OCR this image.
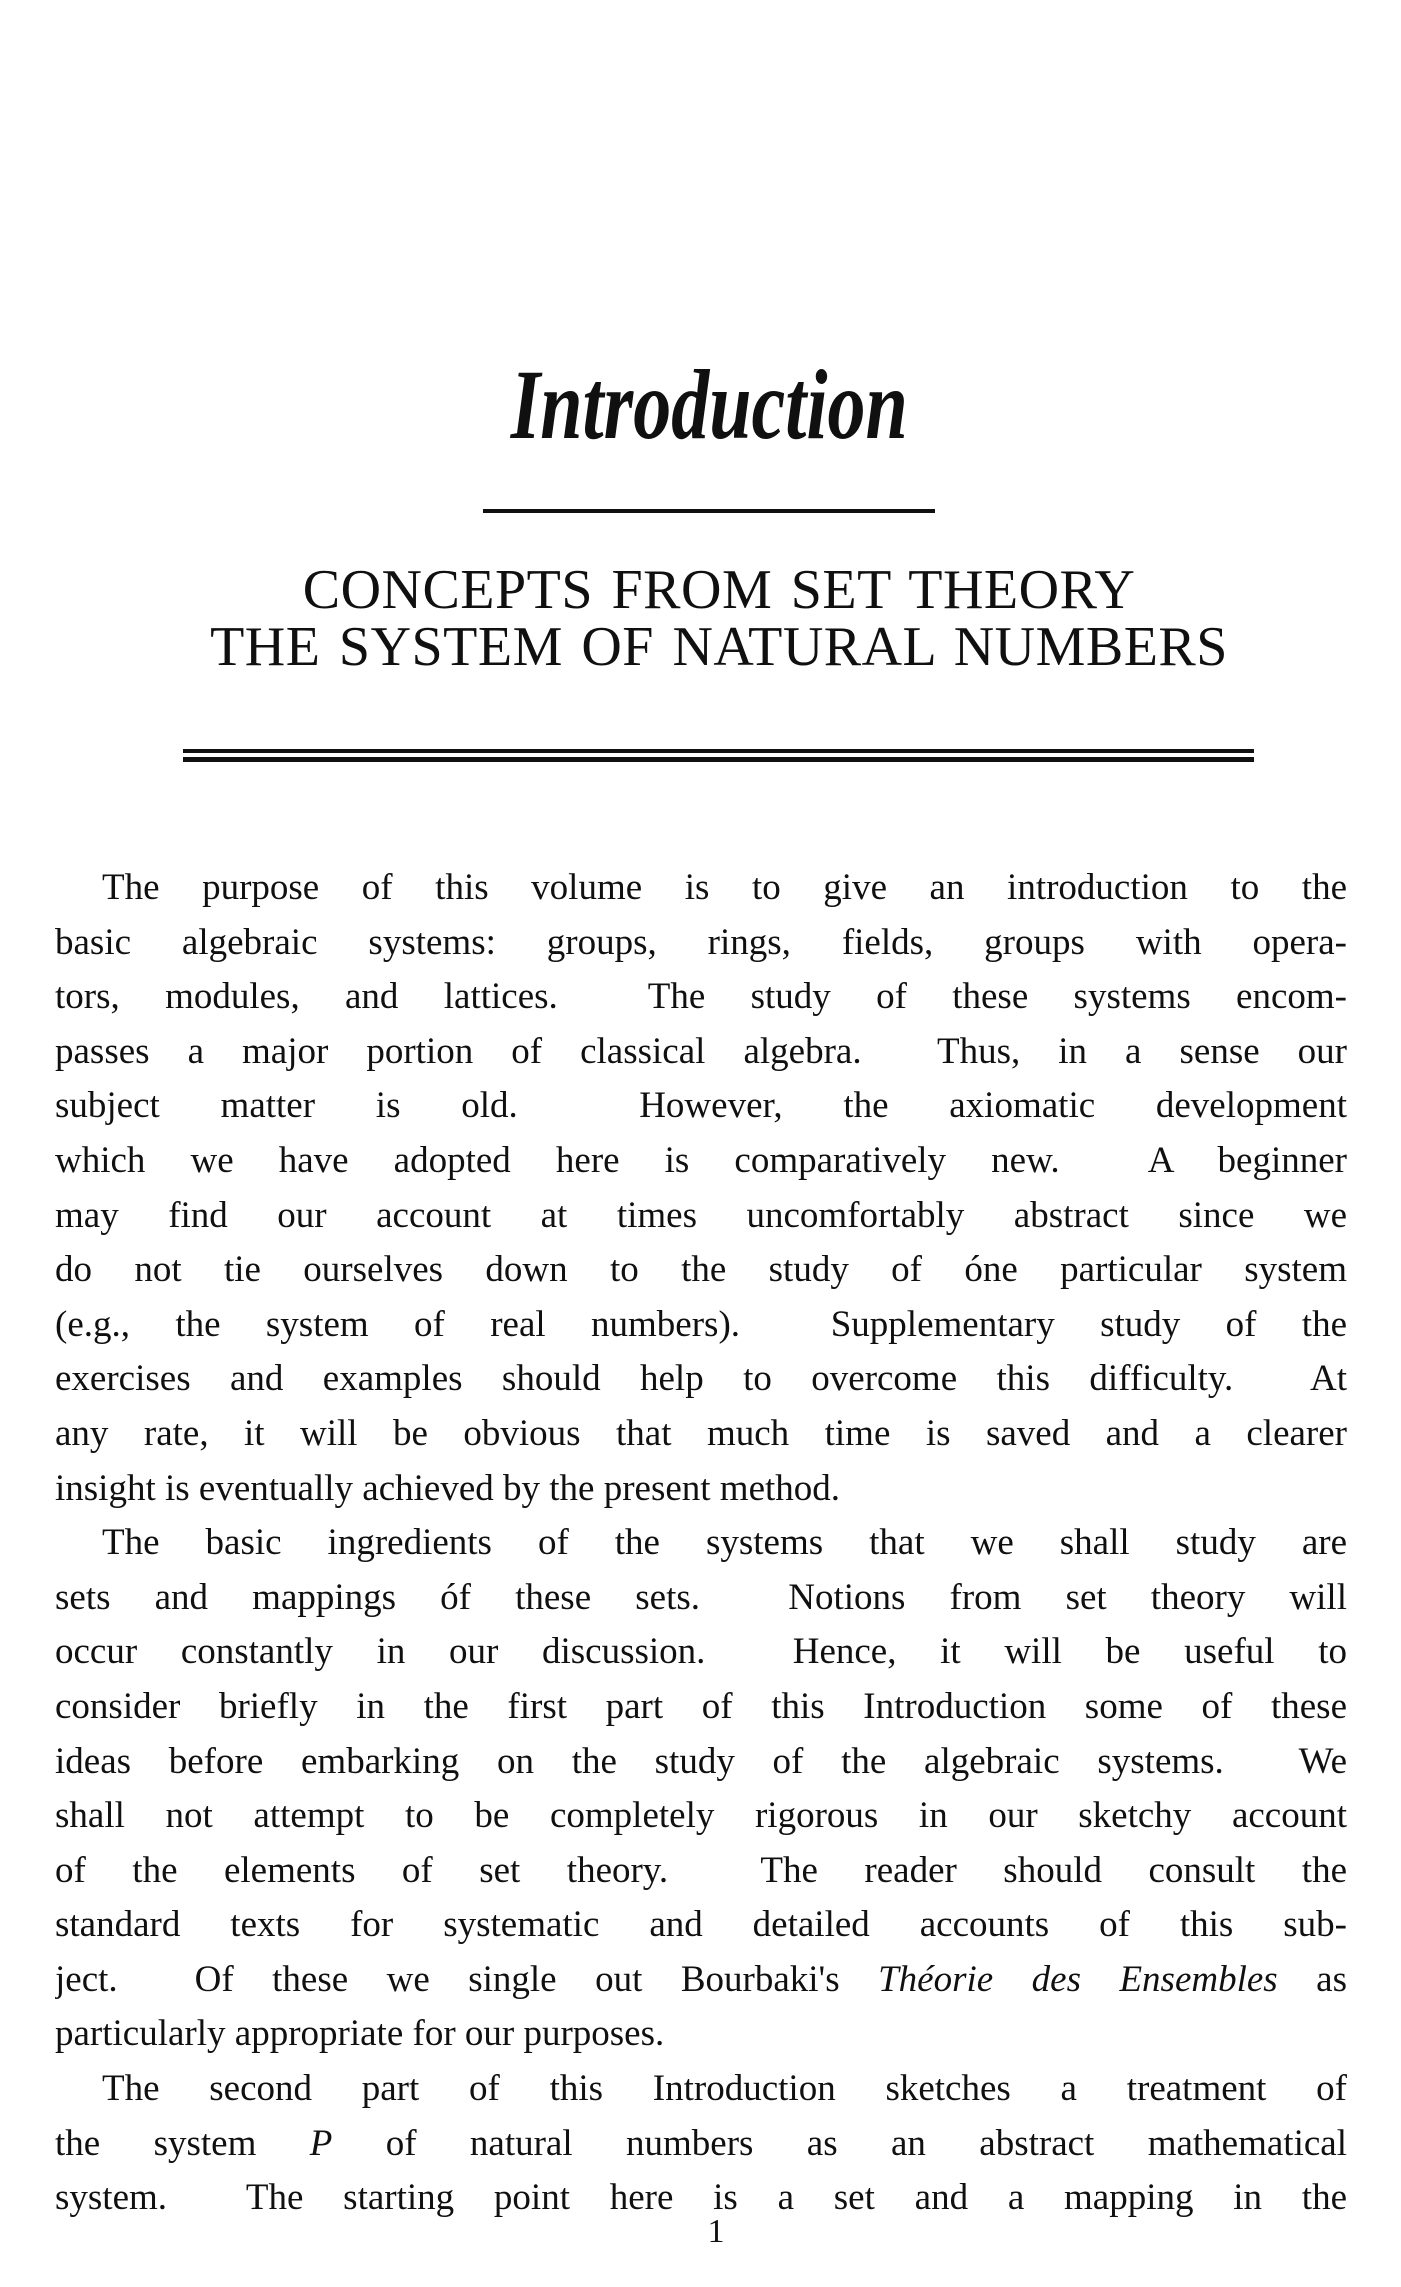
Introduction
CONCEPTS FROM SET THEORY
THE SYSTEM OF NATURAL NUMBERS
The purpose of this volume is to give an introduction to the
basic algebraic systems: groups, rings, fields, groups with opera-
tors, modules, and lattices.  The study of these systems encom-
passes a major portion of classical algebra.  Thus, in a sense our
subject matter is old.  However, the axiomatic development
which we have adopted here is comparatively new.  A beginner
may find our account at times uncomfortably abstract since we
do not tie ourselves down to the study of óne particular system
(e.g., the system of real numbers).  Supplementary study of the
exercises and examples should help to overcome this difficulty.  At
any rate, it will be obvious that much time is saved and a clearer
insight is eventually achieved by the present method.
The basic ingredients of the systems that we shall study are
sets and mappings óf these sets.  Notions from set theory will
occur constantly in our discussion.  Hence, it will be useful to
consider briefly in the first part of this Introduction some of these
ideas before embarking on the study of the algebraic systems.  We
shall not attempt to be completely rigorous in our sketchy account
of the elements of set theory.  The reader should consult the
standard texts for systematic and detailed accounts of this sub-
ject.  Of these we single out Bourbaki's Théorie des Ensembles as
particularly appropriate for our purposes.
The second part of this Introduction sketches a treatment of
the system P of natural numbers as an abstract mathematical
system.  The starting point here is a set and a mapping in the
1
